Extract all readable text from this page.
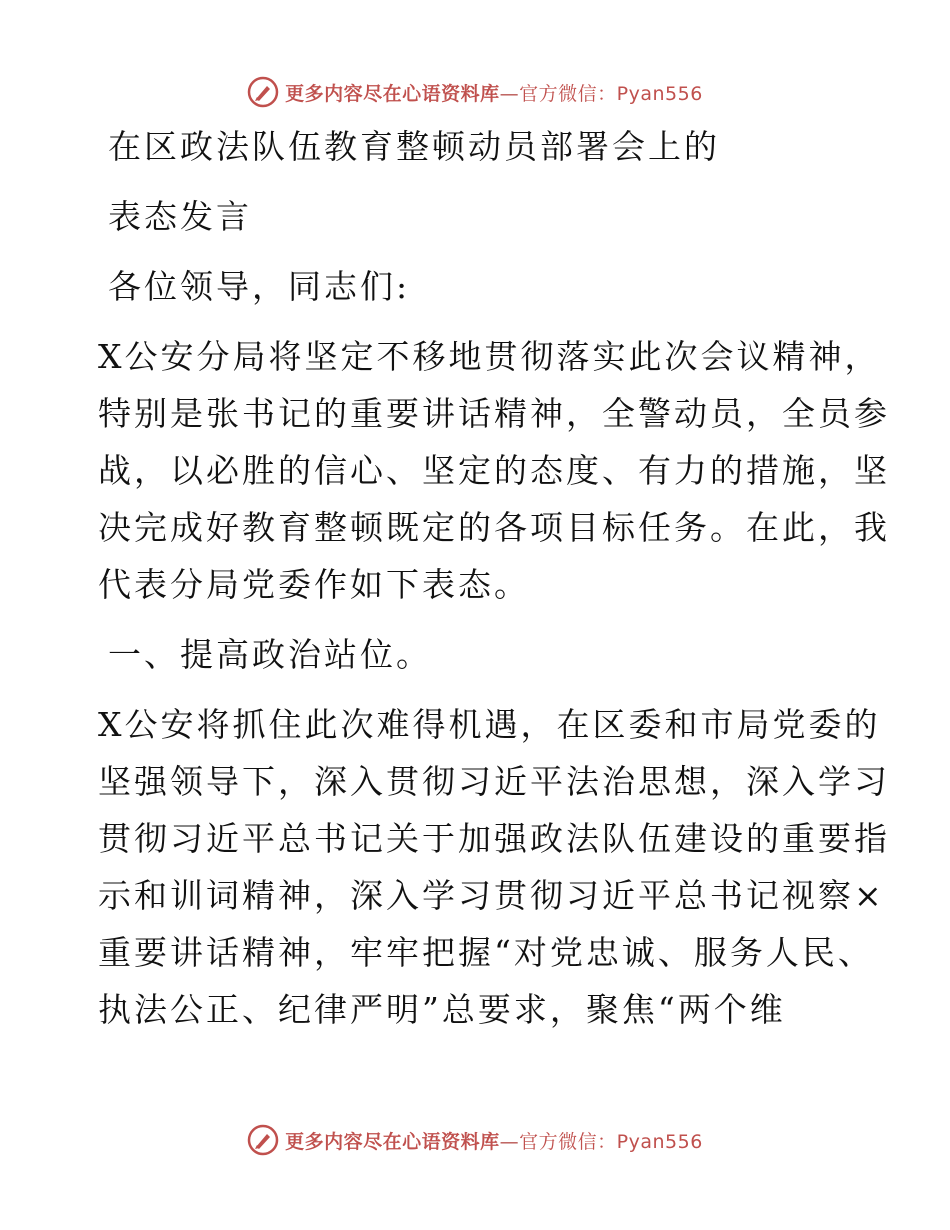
更多内容尽在心语资料库—官方微信：Pyan556

在区政法队伍教育整顿动员部署会上的

表态发言

各位领导，同志们:

X公安分局将坚定不移地贯彻落实此次会议精神，

特别是张书记的重要讲话精神，全警动员，全员参

战，以必胜的信心、坚定的态度、有力的措施，坚

决完成好教育整顿既定的各项目标任务。在此，我

代表分局党委作如下表态。

一、提高政治站位。

X公安将抓住此次难得机遇，在区委和市局党委的

坚强领导下，深入贯彻习近平法治思想，深入学习

贯彻习近平总书记关于加强政法队伍建设的重要指

示和训词精神，深入学习贯彻习近平总书记视察×

重要讲话精神，牢牢把握“对党忠诚、服务人民、

执法公正、纪律严明”总要求，聚焦“两个维

更多内容尽在心语资料库—官方微信：Pyan556
